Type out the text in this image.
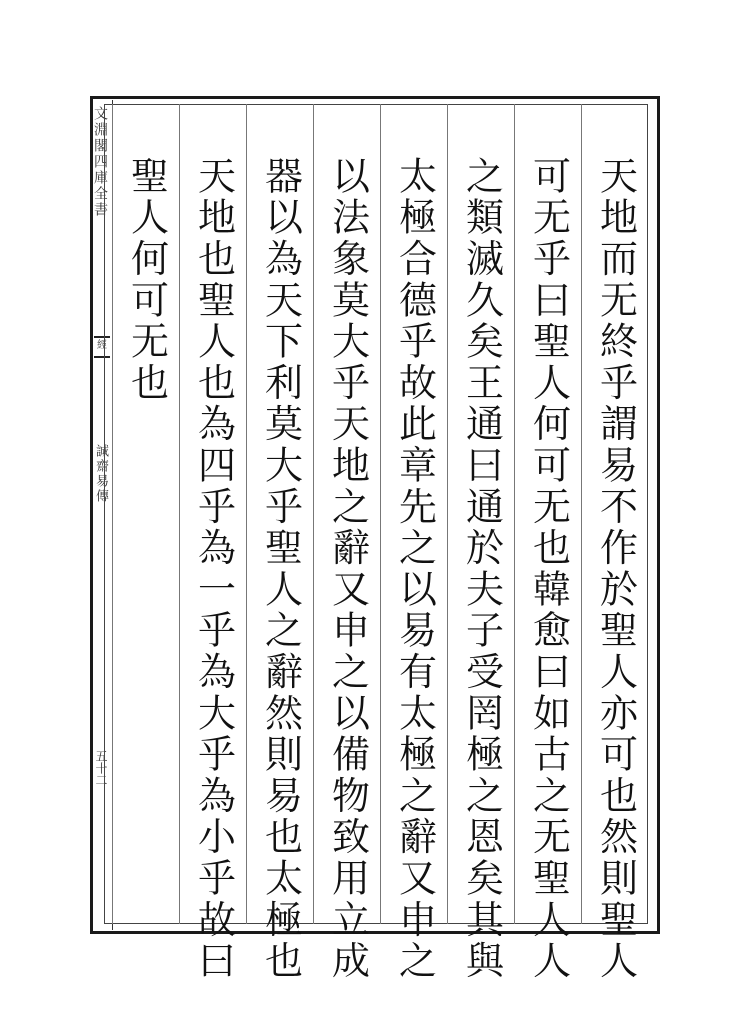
文淵閣四庫全書
經
誠齋易傳
五十二	天地而无終乎謂易不作於聖人亦可也然則聖人
可无乎曰聖人何可无也韓愈曰如古之无聖人人
之類滅久矣王通曰通於夫子受罔極之恩矣其與
太極合德乎故此章先之以易有太極之辭又申之
以法象莫大乎天地之辭又申之以備物致用立成
器以為天下利莫大乎聖人之辭然則易也太極也
天地也聖人也為四乎為一乎為大乎為小乎故曰
聖人何可无也
